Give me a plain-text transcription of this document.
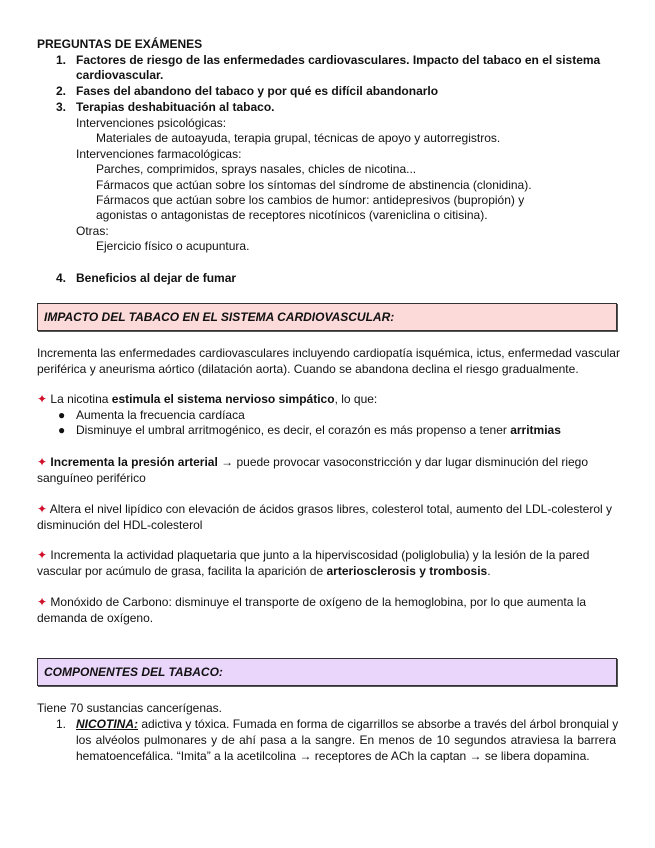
PREGUNTAS DE EXÁMENES
1. Factores de riesgo de las enfermedades cardiovasculares. Impacto del tabaco en el sistema
cardiovascular.
2. Fases del abandono del tabaco y por qué es difícil abandonarlo
3. Terapias deshabituación al tabaco.
Intervenciones psicológicas:
Materiales de autoayuda, terapia grupal, técnicas de apoyo y autorregistros.
Intervenciones farmacológicas:
Parches, comprimidos, sprays nasales, chicles de nicotina...
Fármacos que actúan sobre los síntomas del síndrome de abstinencia (clonidina).
Fármacos que actúan sobre los cambios de humor: antidepresivos (bupropión) y
agonistas o antagonistas de receptores nicotínicos (vareniclina o citisina).
Otras:
Ejercicio físico o acupuntura.
4. Beneficios al dejar de fumar
IMPACTO DEL TABACO EN EL SISTEMA CARDIOVASCULAR:
Incrementa las enfermedades cardiovasculares incluyendo cardiopatía isquémica, ictus, enfermedad vascular
periférica y aneurisma aórtico (dilatación aorta). Cuando se abandona declina el riesgo gradualmente.
✦ La nicotina estimula el sistema nervioso simpático, lo que:
● Aumenta la frecuencia cardíaca
● Disminuye el umbral arritmogénico, es decir, el corazón es más propenso a tener arritmias
✦ Incrementa la presión arterial → puede provocar vasoconstricción y dar lugar disminución del riego
sanguíneo periférico
✦ Altera el nivel lipídico con elevación de ácidos grasos libres, colesterol total, aumento del LDL-colesterol y
disminución del HDL-colesterol
✦ Incrementa la actividad plaquetaria que junto a la hiperviscosidad (poliglobulia) y la lesión de la pared
vascular por acúmulo de grasa, facilita la aparición de arteriosclerosis y trombosis.
✦ Monóxido de Carbono: disminuye el transporte de oxígeno de la hemoglobina, por lo que aumenta la
demanda de oxígeno.
COMPONENTES DEL TABACO:
Tiene 70 sustancias cancerígenas.
1. NICOTINA: adictiva y tóxica. Fumada en forma de cigarrillos se absorbe a través del árbol bronquial y
los alvéolos pulmonares y de ahí pasa a la sangre. En menos de 10 segundos atraviesa la barrera
hematoencefálica. “Imita” a la acetilcolina → receptores de ACh la captan → se libera dopamina.
